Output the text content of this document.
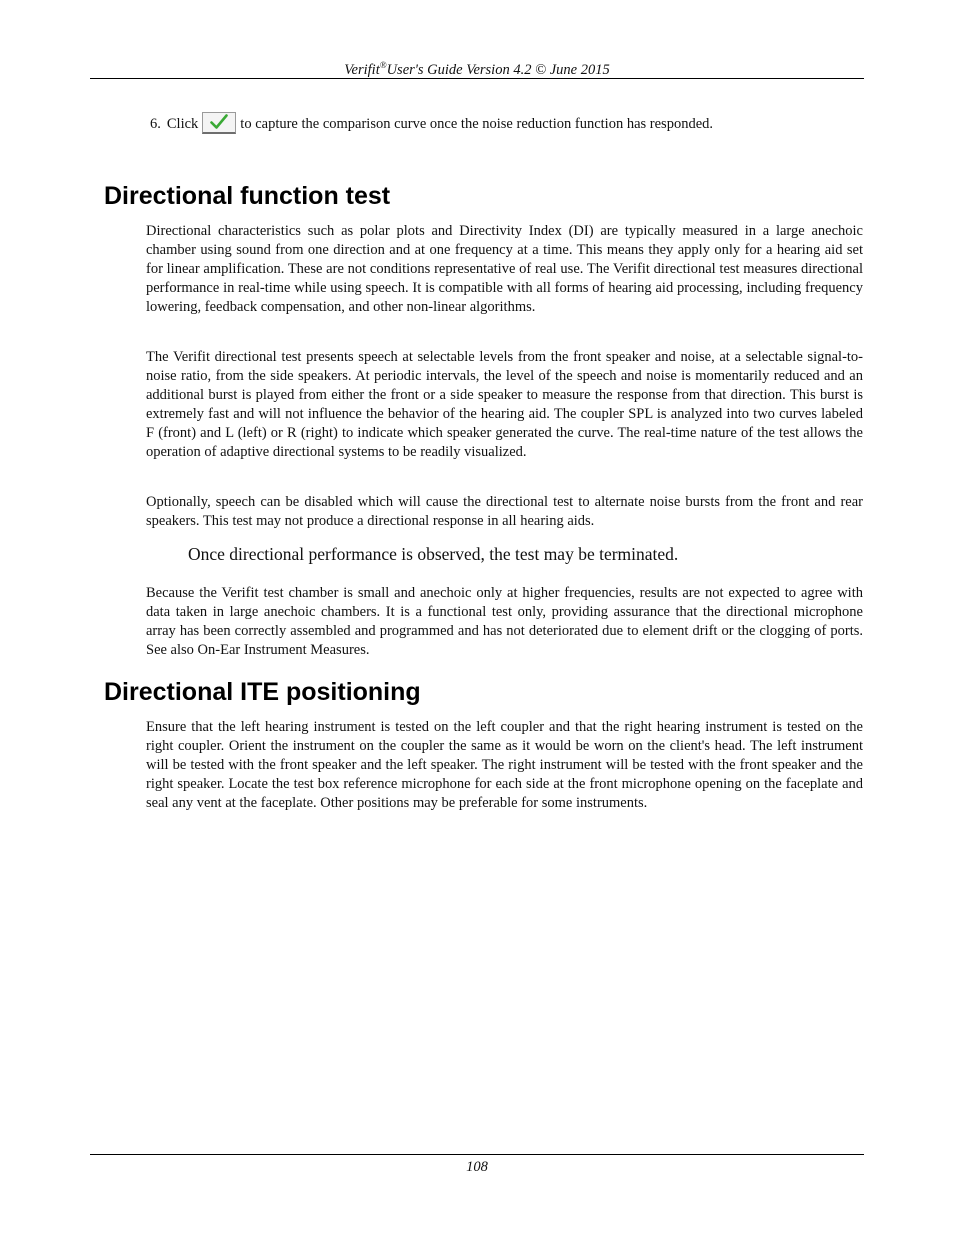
Verifit®User's Guide Version 4.2 © June 2015
6. Click	to capture the comparison curve once the noise reduction function has responded.
Directional function test

Directional characteristics such as polar plots and Directivity Index (DI) are typically measured in a large anechoic chamber using sound from one direction and at one frequency at a time. This means they apply only for a hearing aid set for linear amplification. These are not conditions representative of real use. The Verifit directional test measures directional performance in real-time while using speech. It is compatible with all forms of hearing aid processing, including frequency lowering, feedback compensation, and other non-linear algorithms.

The Verifit directional test presents speech at selectable levels from the front speaker and noise, at a selectable signal-to-noise ratio, from the side speakers. At periodic intervals, the level of the speech and noise is momentarily reduced and an additional burst is played from either the front or a side speaker to measure the response from that direction. This burst is extremely fast and will not influence the behavior of the hearing aid. The coupler SPL is analyzed into two curves labeled F (front) and L (left) or R (right) to indicate which speaker generated the curve. The real-time nature of the test allows the operation of adaptive directional systems to be readily visualized.

Optionally, speech can be disabled which will cause the directional test to alternate noise bursts from the front and rear speakers. This test may not produce a directional response in all hearing aids.

Once directional performance is observed, the test may be terminated.

Because the Verifit test chamber is small and anechoic only at higher frequencies, results are not expected to agree with data taken in large anechoic chambers. It is a functional test only, providing assurance that the directional microphone array has been correctly assembled and programmed and has not deteriorated due to element drift or the clogging of ports. See also On-Ear Instrument Measures.

Directional ITE positioning

Ensure that the left hearing instrument is tested on the left coupler and that the right hearing instrument is tested on the right coupler. Orient the instrument on the coupler the same as it would be worn on the client's head. The left instrument will be tested with the front speaker and the left speaker. The right instrument will be tested with the front speaker and the right speaker. Locate the test box reference microphone for each side at the front microphone opening on the faceplate and seal any vent at the faceplate. Other positions may be preferable for some instruments.

108
